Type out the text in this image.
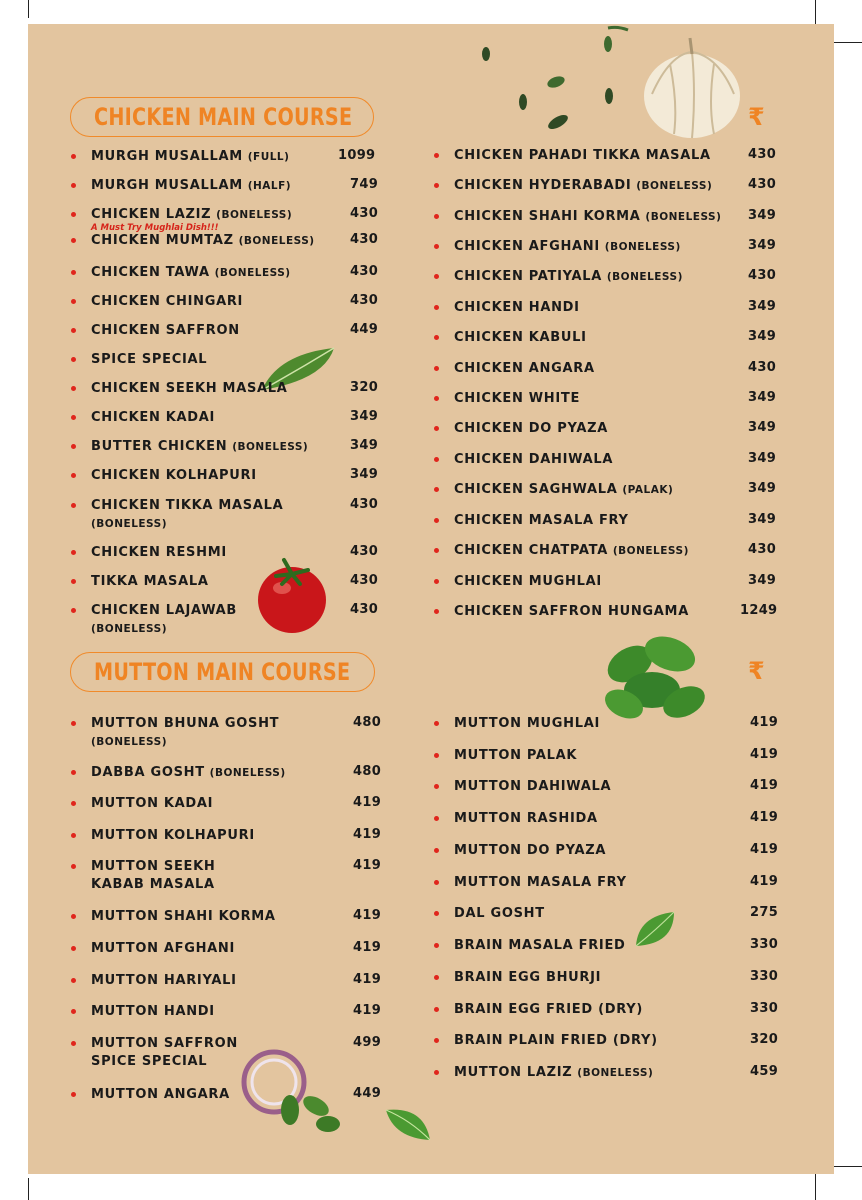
CHICKEN MAIN COURSE	₹
MUTTON MAIN COURSE	₹
MURGH MUSALLAM (FULL)	1099
MURGH MUSALLAM (HALF)	749
CHICKEN LAZIZ (BONELESS)
A Must Try Mughlai Dish!!!
430
CHICKEN MUMTAZ (BONELESS)	430
CHICKEN TAWA (BONELESS)	430
CHICKEN CHINGARI	430
CHICKEN SAFFRON	449
SPICE SPECIAL
CHICKEN SEEKH MASALA	320
CHICKEN KADAI	349
BUTTER CHICKEN (BONELESS)	349
CHICKEN KOLHAPURI	349
CHICKEN TIKKA MASALA
(BONELESS)
430
CHICKEN RESHMI	430
TIKKA MASALA	430
CHICKEN LAJAWAB
(BONELESS)
430
CHICKEN PAHADI TIKKA MASALA	430
CHICKEN HYDERABADI (BONELESS)	430
CHICKEN SHAHI KORMA (BONELESS)	349
CHICKEN AFGHANI (BONELESS)	349
CHICKEN PATIYALA (BONELESS)	430
CHICKEN HANDI	349
CHICKEN KABULI	349
CHICKEN ANGARA	430
CHICKEN WHITE	349
CHICKEN DO PYAZA	349
CHICKEN DAHIWALA	349
CHICKEN SAGHWALA (PALAK)	349
CHICKEN MASALA FRY	349
CHICKEN CHATPATA (BONELESS)	430
CHICKEN MUGHLAI	349
CHICKEN SAFFRON HUNGAMA	1249
MUTTON BHUNA GOSHT
(BONELESS)
480
DABBA GOSHT (BONELESS)	480
MUTTON KADAI	419
MUTTON KOLHAPURI	419
MUTTON SEEKH
KABAB MASALA
419
MUTTON SHAHI KORMA	419
MUTTON AFGHANI	419
MUTTON HARIYALI	419
MUTTON HANDI	419
MUTTON SAFFRON
SPICE SPECIAL
499
MUTTON ANGARA	449
MUTTON MUGHLAI	419
MUTTON PALAK	419
MUTTON DAHIWALA	419
MUTTON RASHIDA	419
MUTTON DO PYAZA	419
MUTTON MASALA FRY	419
DAL GOSHT	275
BRAIN MASALA FRIED	330
BRAIN EGG BHURJI	330
BRAIN EGG FRIED (DRY)	330
BRAIN PLAIN FRIED (DRY)	320
MUTTON LAZIZ (BONELESS)	459
